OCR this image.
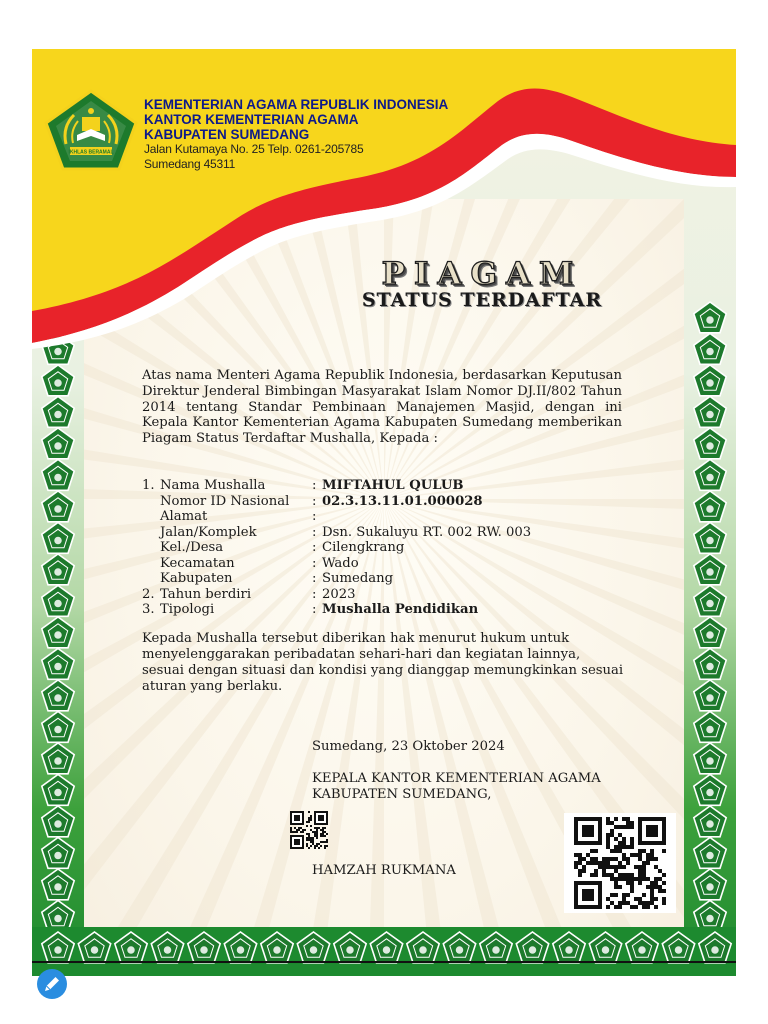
IKHLAS BERAMAL
KEMENTERIAN AGAMA REPUBLIK INDONESIA
KANTOR KEMENTERIAN AGAMA
KABUPATEN SUMEDANG
Jalan Kutamaya No. 25 Telp. 0261-205785
Sumedang 45311
PIAGAM
STATUS TERDAFTAR
Atas nama Menteri Agama Republik Indonesia, berdasarkan Keputusan Direktur Jenderal Bimbingan Masyarakat Islam Nomor DJ.II/802 Tahun 2014 tentang Standar Pembinaan Manajemen Masjid, dengan ini Kepala Kantor Kementerian Agama Kabupaten Sumedang memberikan Piagam Status Terdaftar Mushalla, Kepada :
Kepada Mushalla tersebut diberikan hak menurut hukum untuk menyelenggarakan peribadatan sehari-hari dan kegiatan lainnya, sesuai dengan situasi dan kondisi yang dianggap memungkinkan sesuai aturan yang berlaku.
Sumedang, 23 Oktober 2024
KEPALA KANTOR KEMENTERIAN AGAMA
KABUPATEN SUMEDANG,
HAMZAH RUKMANA
1. Nama Mushalla	: MIFTAHUL QULUB
Nomor ID Nasional : 02.3.13.11.01.000028
Alamat	:
Jalan/Komplek	: Dsn. Sukaluyu RT. 002 RW. 003
Kel./Desa	: Cilengkrang
Kecamatan	: Wado
Kabupaten	: Sumedang
2. Tahun berdiri	: 2023
3. Tipologi	: Mushalla Pendidikan
